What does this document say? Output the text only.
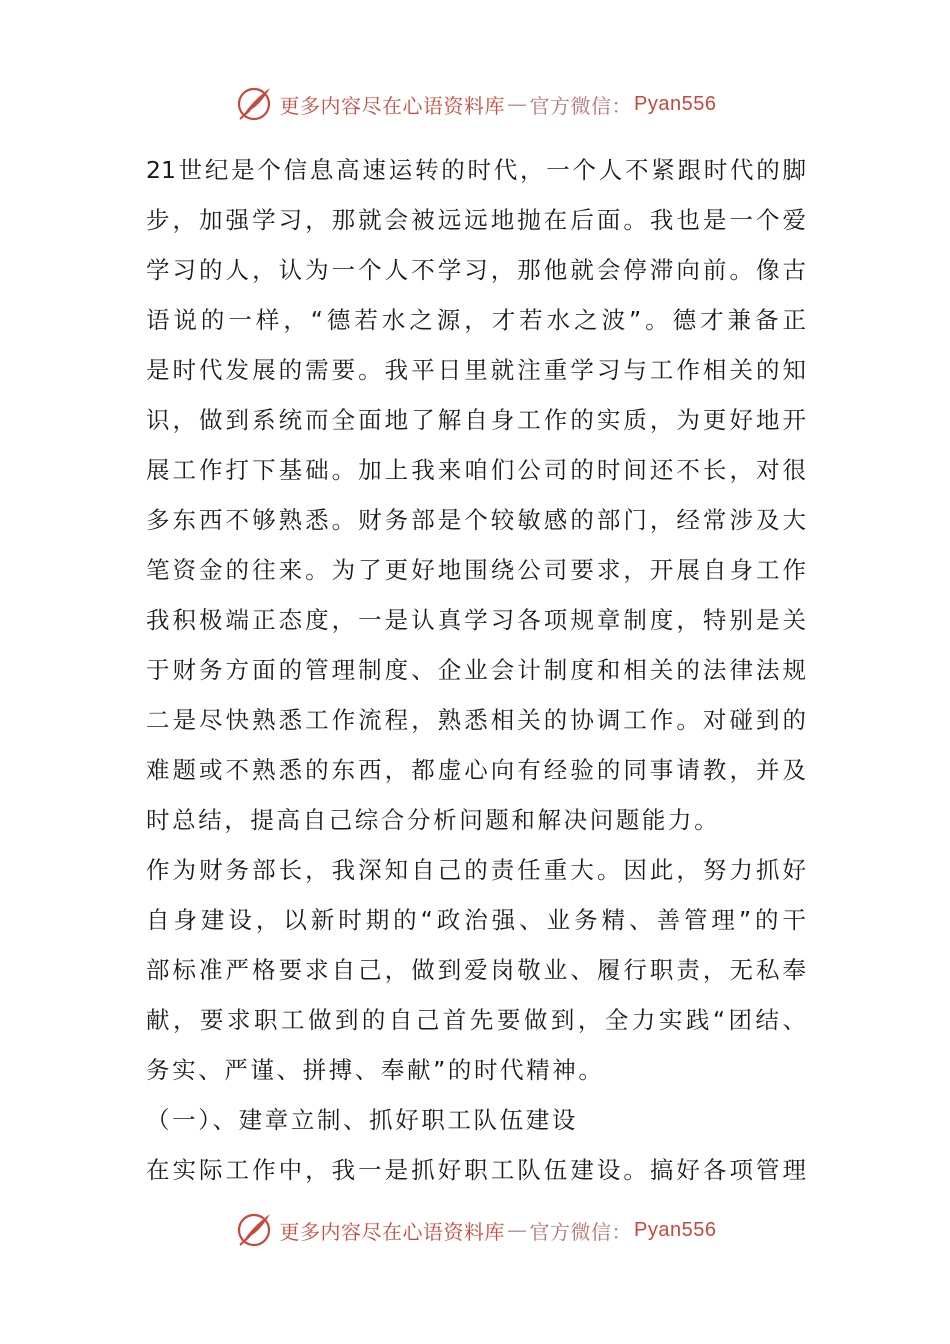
更多内容尽在心语资料库 — 官方微信： Pyan556
21世纪是个信息高速运转的时代，一个人不紧跟时代的脚
步，加强学习，那就会被远远地抛在后面。我也是一个爱
学习的人，认为一个人不学习，那他就会停滞向前。像古
语说的一样，“德若水之源，才若水之波”。德才兼备正
是时代发展的需要。我平日里就注重学习与工作相关的知
识，做到系统而全面地了解自身工作的实质，为更好地开
展工作打下基础。加上我来咱们公司的时间还不长，对很
多东西不够熟悉。财务部是个较敏感的部门，经常涉及大
笔资金的往来。为了更好地围绕公司要求，开展自身工作
我积极端正态度，一是认真学习各项规章制度，特别是关
于财务方面的管理制度、企业会计制度和相关的法律法规
二是尽快熟悉工作流程，熟悉相关的协调工作。对碰到的
难题或不熟悉的东西，都虚心向有经验的同事请教，并及
时总结，提高自己综合分析问题和解决问题能力。
作为财务部长，我深知自己的责任重大。因此，努力抓好
自身建设，以新时期的“政治强、业务精、善管理”的干
部标准严格要求自己，做到爱岗敬业、履行职责，无私奉
献，要求职工做到的自己首先要做到，全力实践“团结、
务实、严谨、拼搏、奉献”的时代精神。
（一）、建章立制、抓好职工队伍建设
在实际工作中，我一是抓好职工队伍建设。搞好各项管理
更多内容尽在心语资料库 — 官方微信： Pyan556
